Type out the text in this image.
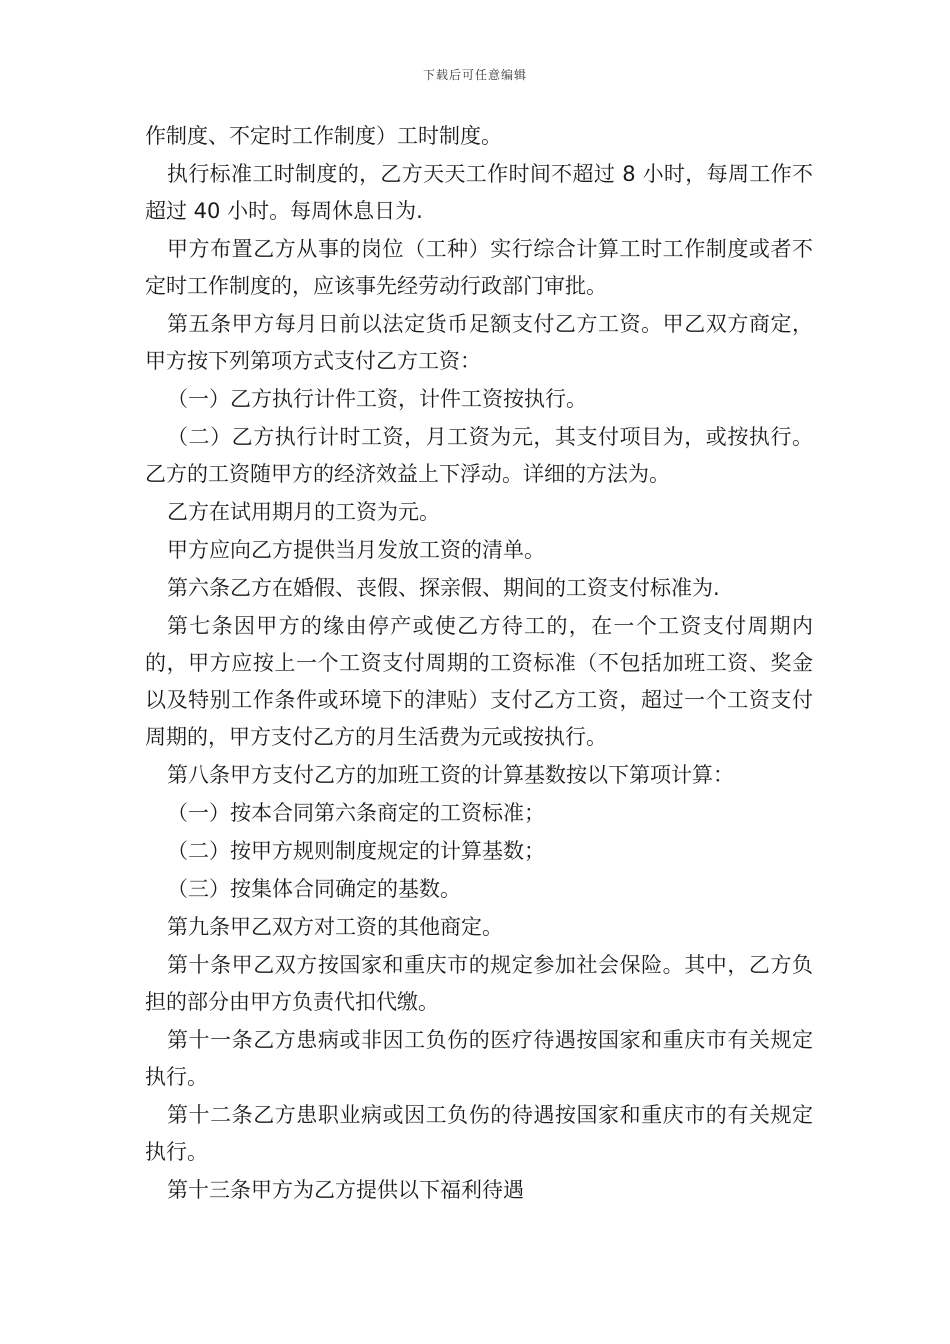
下载后可任意编辑

作制度、不定时工作制度）工时制度。

执行标准工时制度的，乙方天天工作时间不超过 8 小时，每周工作不超过 40 小时。每周休息日为.

甲方布置乙方从事的岗位（工种）实行综合计算工时工作制度或者不定时工作制度的，应该事先经劳动行政部门审批。

第五条甲方每月日前以法定货币足额支付乙方工资。甲乙双方商定，甲方按下列第项方式支付乙方工资：

（一）乙方执行计件工资，计件工资按执行。

（二）乙方执行计时工资，月工资为元，其支付项目为，或按执行。乙方的工资随甲方的经济效益上下浮动。详细的方法为。

乙方在试用期月的工资为元。

甲方应向乙方提供当月发放工资的清单。

第六条乙方在婚假、丧假、探亲假、期间的工资支付标准为.

第七条因甲方的缘由停产或使乙方待工的，在一个工资支付周期内的，甲方应按上一个工资支付周期的工资标准（不包括加班工资、奖金以及特别工作条件或环境下的津贴）支付乙方工资，超过一个工资支付周期的，甲方支付乙方的月生活费为元或按执行。

第八条甲方支付乙方的加班工资的计算基数按以下第项计算：

（一）按本合同第六条商定的工资标准；

（二）按甲方规则制度规定的计算基数；

（三）按集体合同确定的基数。

第九条甲乙双方对工资的其他商定。

第十条甲乙双方按国家和重庆市的规定参加社会保险。其中，乙方负担的部分由甲方负责代扣代缴。

第十一条乙方患病或非因工负伤的医疗待遇按国家和重庆市有关规定执行。

第十二条乙方患职业病或因工负伤的待遇按国家和重庆市的有关规定执行。

第十三条甲方为乙方提供以下福利待遇
